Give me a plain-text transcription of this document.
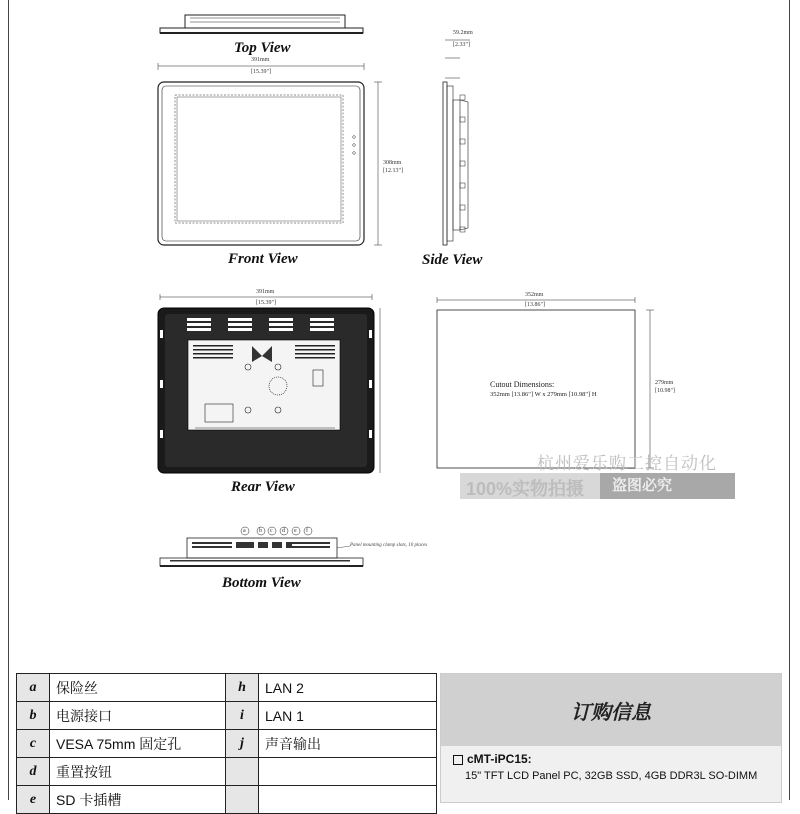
a b c d e f
Panel mounting clamp slots, 10 places
391mm
[15.39"]
308mm
[12.13"]
59.2mm
[2.33"]
391mm
[15.39"]
352mm
[13.86"]
279mm
[10.98"]
Top View
Front View	Side View
Rear View
Bottom View
Cutout Dimensions:
352mm [13.86"] W x 279mm [10.98"] H
杭州爱乐购工控自动化
100%实物拍摄	盗图必究
a	保险丝	h	LAN 2
b	电源接口	i	LAN 1
c	VESA 75mm 固定孔	j	声音输出
d	重置按钮		
e	SD 卡插槽		
订购信息
cMT-iPC15:
15" TFT LCD Panel PC, 32GB SSD, 4GB DDR3L SO-DIMM
